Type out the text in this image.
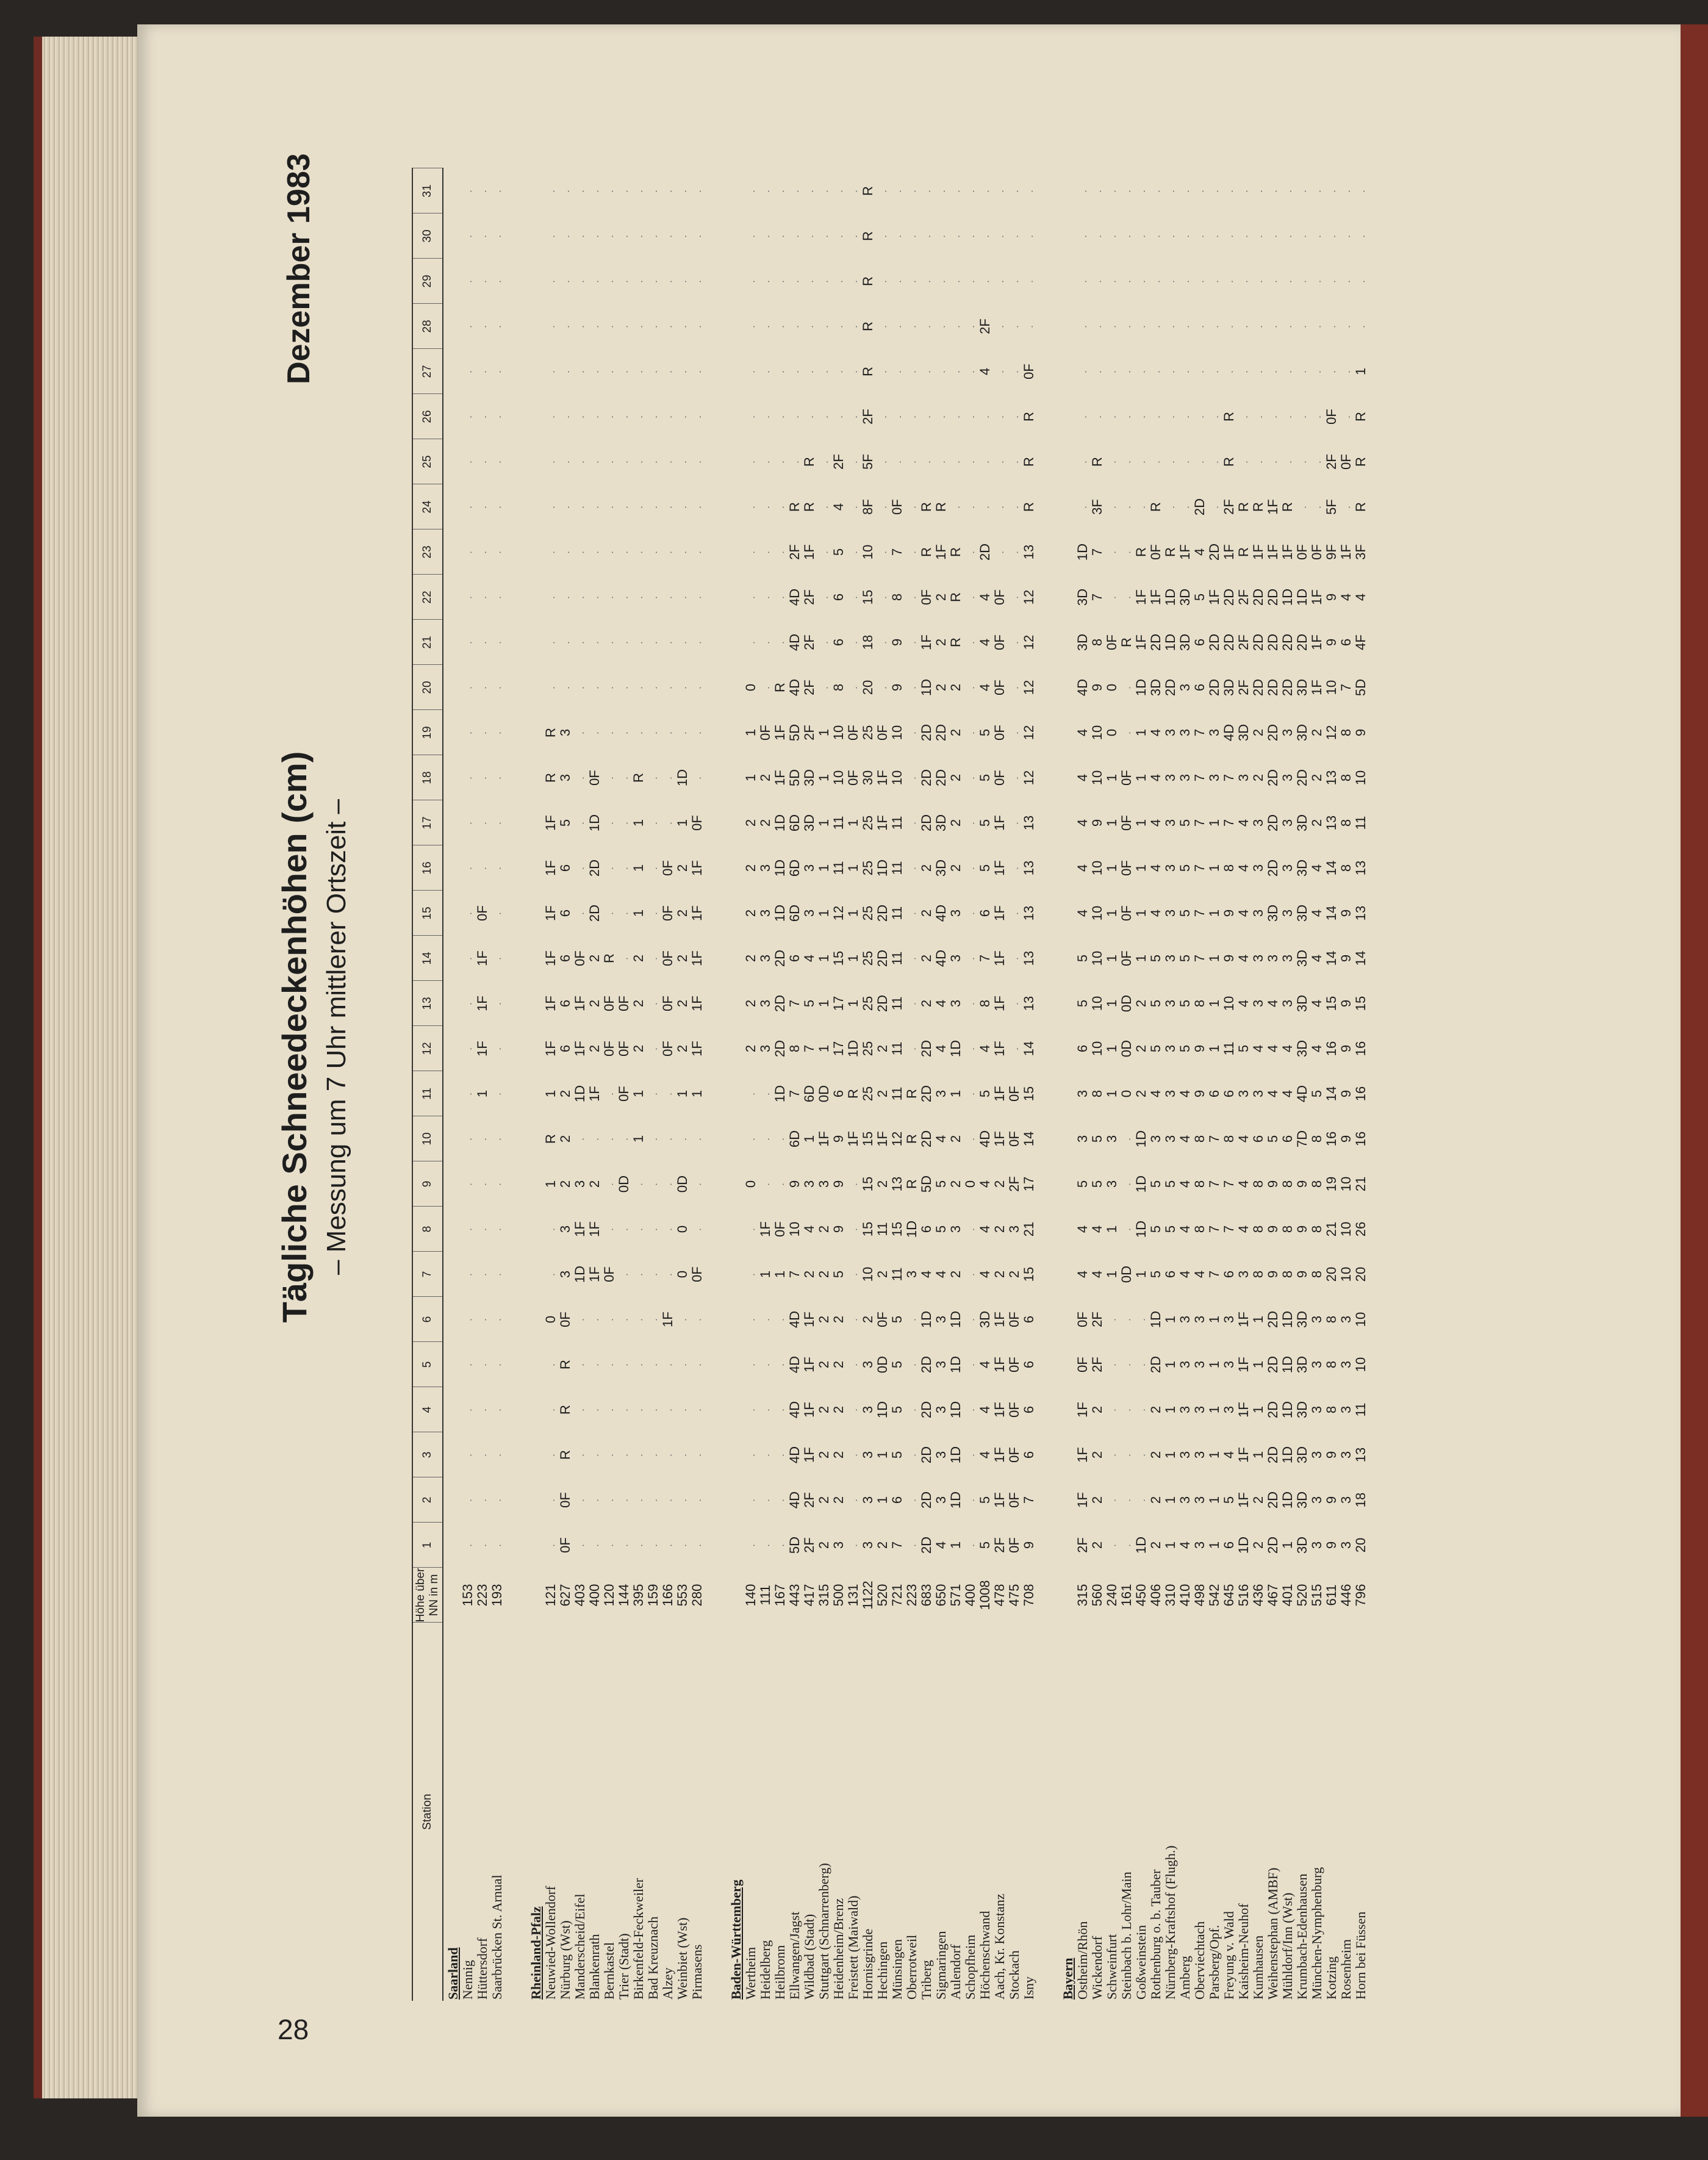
28
Tägliche Schneedeckenhöhen (cm) – Messung um 7 Uhr mittlerer Ortszeit –
Dezember 1983
Station	Höhe über NN in m	1	2	3	4	5	6	7	8	9	10	11	12	13	14	15	16	17	18	19	20	21	22	23	24	25	26	27	28	29	30	31
Saarland																																
Nennig	153	.	.	.	.	.	.	.	.	.	.	.	.	.	.	.	.	.	.	.	.	.	.	.	.	.	.	.	.	.	.	.
Hüttersdorf	223	.	.	.	.	.	.	.	.	.	.	1	1F	1F	1F	0F	.	.	.	.	.	.	.	.	.	.	.	.	.	.	.	.
Saarbrücken St. Arnual	193	.	.	.	.	.	.	.	.	.	.	.	.	.	.	.	.	.	.	.	.	.	.	.	.	.	.	.	.	.	.	.

Rheinland-Pfalz																																
Neuwied-Wollendorf	121	.	.	.	.	.	0	.	.	1	R	1	1F	1F	1F	1F	1F	1F	R	R	.	.	.	.	.	.	.	.	.	.	.	.
Nürburg (Wst)	627	0F	0F	R	R	R	0F	3	3	2	2	2	6	6	6	6	6	5	3	3	.	.	.	.	.	.	.	.	.	.	.	.
Manderscheid/Eifel	403	.	.	.	.	.	.	1D	1F	3	.	1D	1F	1F	0F	.	.	.	.	.	.	.	.	.	.	.	.	.	.	.	.	.
Blankenrath	400	.	.	.	.	.	.	1F	1F	2	.	1F	2	2	2	2D	2D	1D	0F	.	.	.	.	.	.	.	.	.	.	.	.	.
Bernkastel	120	.	.	.	.	.	.	0F	.	.	.	.	0F	0F	R	.	.	.	.	.	.	.	.	.	.	.	.	.	.	.	.	.
Trier (Stadt)	144	.	.	.	.	.	.	.	.	0D	.	0F	0F	0F	.	.	.	.	.	.	.	.	.	.	.	.	.	.	.	.	.	.
Birkenfeld-Feckweiler	395	.	.	.	.	.	.	.	.	.	1	1	2	2	2	1	1	1	R	.	.	.	.	.	.	.	.	.	.	.	.	.
Bad Kreuznach	159	.	.	.	.	.	.	.	.	.	.	.	.	.	.	.	.	.	.	.	.	.	.	.	.	.	.	.	.	.	.	.
Alzey	166	.	.	.	.	.	1F	.	.	.	.	.	0F	0F	0F	0F	0F	.	.	.	.	.	.	.	.	.	.	.	.	.	.	.
Weinbiet (Wst)	553	.	.	.	.	.	.	0	0	0D	.	1	2	2	2	2	2	1	1D	.	.	.	.	.	.	.	.	.	.	.	.	.
Pirmasens	280	.	.	.	.	.	.	0F	.	.	.	1	1F	1F	1F	1F	1F	0F	.	.	.	.	.	.	.	.	.	.	.	.	.	.

Baden-Württemberg																																
Wertheim	140	.	.	.	.	.	.	.	.	0	.	.	2	2	2	2	2	2	1	1	0	.	.	.	.	.	.	.	.	.	.	.
Heidelberg	111	.	.	.	.	.	.	1	1F	.	.	.	3	3	3	3	3	2	2	0F	.	.	.	.	.	.	.	.	.	.	.	.
Heilbronn	167	.	.	.	.	.	.	1	0F	.	.	1D	2D	2D	2D	1D	1D	1D	1F	1F	R	.	.	.	.	.	.	.	.	.	.	.
Ellwangen/Jagst	443	5D	4D	4D	4D	4D	4D	7	10	9	6D	7	8	7	6	6D	6D	6D	5D	5D	4D	4D	4D	2F	R	.	.	.	.	.	.	.
Wildbad (Stadt)	417	2F	2F	1F	1F	1F	1F	2	4	3	1	6D	7	5	4	3	3	3D	3D	2F	2F	2F	2F	1F	R	R	.	.	.	.	.	.
Stuttgart (Schnarrenberg)	315	2	2	2	2	2	2	2	2	3	1F	0D	1	1	1	1	1	1	1	1	.	.	.	.	.	.	.	.	.	.	.	.
Heidenheim/Brenz	500	3	2	2	2	2	2	5	9	9	9	6	17	17	15	12	11	11	10	10	8	6	6	5	4	2F	.	.	.	.	.	.
Freistett (Maiwald)	131	.	.	.	.	.	.	.	.	.	1F	R	1D	1	1	1	1	1	0F	0F	.	.	.	.	.	.	.	.	.	.	.	.
Hornisgrinde	1122	3	3	3	3	3	2	10	15	15	15	25	25	25	25	25	25	25	30	25	20	18	15	10	8F	5F	2F	R	R	R	R	R
Hechingen	520	2	1	1	1D	0D	0F	2	11	2	1F	2	2	2D	2D	2D	1D	1F	1F	0F	.	.	.	.	.	.	.	.	.	.	.	.
Münsingen	721	7	6	5	5	5	5	11	15	13	12	11	11	11	11	11	11	11	10	10	9	9	8	7	0F	.	.	.	.	.	.	.
Oberrotweil	223	.	.	.	.	.	.	3	1D	R	R	R	.	.	.	.	.	.	.	.	.	.	.	.	.	.	.	.	.	.	.	.
Triberg	683	2D	2D	2D	2D	2D	1D	4	6	5D	2D	2D	2D	2	2	2	2	2D	2D	2D	1D	1F	0F	R	R	.	.	.	.	.	.	.
Sigmaringen	650	4	3	3	3	3	3	4	5	5	4	3	4	4	4D	4D	3D	3D	2D	2D	2	2	2	1F	R	.	.	.	.	.	.	.
Aulendorf	571	1	1D	1D	1D	1D	1D	2	3	2	2	1	1D	3	3	3	2	2	2	2	2	R	R	R	.	.	.	.	.	.	.	.
Schopfheim	400	.	.	.	.	.	.	.	.	0	.	.	.	.	.	.	.	.	.	.	.	.	.	.	.	.	.	.	.	.	.	.
Höchenschwand	1008	5	5	4	4	4	3D	4	4	4	4D	5	4	8	7	6	5	5	5	5	4	4	4	2D	.	.	.	4	2F	.	.	.
Aach, Kr. Konstanz	478	2F	1F	1F	1F	1F	1F	2	2	2	1F	1F	1F	1F	1F	1F	1F	1F	0F	0F	0F	0F	0F	.	.	.	.	.	.	.	.	.
Stockach	475	0F	0F	0F	0F	0F	0F	2	3	2F	0F	0F	.	.	.	.	.	.	.	.	.	.	.	.	.	.	.	.	.	.	.	.
Isny	708	9	7	6	6	6	6	15	21	17	14	15	14	13	13	13	13	13	12	12	12	12	12	13	R	R	R	0F	.	.	.	.

Bayern																																
Ostheim/Rhön	315	2F	1F	1F	1F	0F	0F	4	4	5	3	3	6	5	5	4	4	4	4	4	4D	3D	3D	1D	.	.	.	.	.	.	.	.
Wickendorf	560	2	2	2	2	2F	2F	4	4	5	5	8	10	10	10	10	10	9	10	10	9	8	7	7	3F	R	.	.	.	.	.	.
Schweinfurt	240	.	.	.	.	.	.	1	1	3	3	1	1	1	1	1	1	1	1	0	0	0F	.	.	.	.	.	.	.	.	.	.
Steinbach b. Lohr/Main	161	.	.	.	.	.	.	0D	.	.	.	0	0D	0D	0F	0F	0F	0F	0F	.	.	R	.	.	.	.	.	.	.	.	.	.
Goßweinstein	450	1D	.	.	.	.	.	1	1D	1D	1D	2	2	2	1	1	1	1	1	1	1D	1F	1F	R	.	.	.	.	.	.	.	.
Rothenburg o. b. Tauber	406	2	2	2	2	2D	1D	5	5	5	3	4	5	5	5	4	4	4	4	4	3D	2D	1F	0F	R	.	.	.	.	.	.	.
Nürnberg-Kraftshof (Flugh.)	310	1	1	1	1	1	1	6	5	5	3	3	3	3	3	3	3	3	3	3	2D	1D	1D	R	.	.	.	.	.	.	.	.
Amberg	410	4	3	3	3	3	3	4	4	4	4	4	5	5	5	5	5	5	3	3	3	3D	3D	1F	.	.	.	.	.	.	.	.
Oberviechtach	498	3	3	3	3	3	3	4	8	8	8	9	9	8	7	7	7	7	7	7	6	6	5	4	2D	.	.	.	.	.	.	.
Parsberg/Opf.	542	1	1	1	1	1	1	7	7	7	7	6	1	1	1	1	1	1	3	3	2D	2D	1F	2D	.	.	.	.	.	.	.	.
Freyung v. Wald	645	6	5	4	3	3	3	6	7	7	8	6	11	10	9	9	8	7	7	4D	3D	2D	2D	1F	2F	R	R	.	.	.	.	.
Kaisheim-Neuhof	516	1D	1F	1F	1F	1F	1F	3	4	4	4	3	5	4	4	4	4	4	3	3D	2F	2F	2F	R	R	.	.	.	.	.	.	.
Kumhausen	436	2	2	1	1	1	1	8	8	8	6	3	4	3	3	3	3	3	2	2	2D	2D	2D	1F	R	.	.	.	.	.	.	.
Weihenstephan (AMBF)	467	2D	2D	2D	2D	2D	2D	9	9	9	5	4	4	4	3	3D	2D	2D	2D	2D	2D	2D	2D	1F	1F	.	.	.	.	.	.	.
Mühldorf/Inn (Wst)	401	1	1D	1D	1D	1D	1D	8	8	8	6	4	4	3	3	3	3	3	3	3	2D	2D	1D	1F	R	.	.	.	.	.	.	.
Krumbach-Edenhausen	520	3D	3D	3D	3D	3D	3D	9	9	9	7D	4D	3D	3D	3D	3D	3D	3D	2D	3D	3D	2D	1D	0F	.	.	.	.	.	.	.	.
München-Nymphenburg	515	3	3	3	3	3	3	8	8	8	8	5	4	4	4	4	4	2	2	2	1F	1F	1F	0F	.	.	.	.	.	.	.	.
Kotzing	611	9	9	9	8	8	8	20	21	19	16	14	16	15	14	14	14	13	13	12	10	9	9	9F	5F	2F	0F	.	.	.	.	.
Rosenheim	446	3	3	3	3	3	3	10	10	10	9	9	9	9	9	9	8	8	8	8	7	6	4	1F	.	0F	.	.	.	.	.	.
Horn bei Füssen	796	20	18	13	11	10	10	20	26	21	16	16	16	15	14	13	13	11	10	9	5D	4F	4	3F	R	R	R	1	.	.	.	.
